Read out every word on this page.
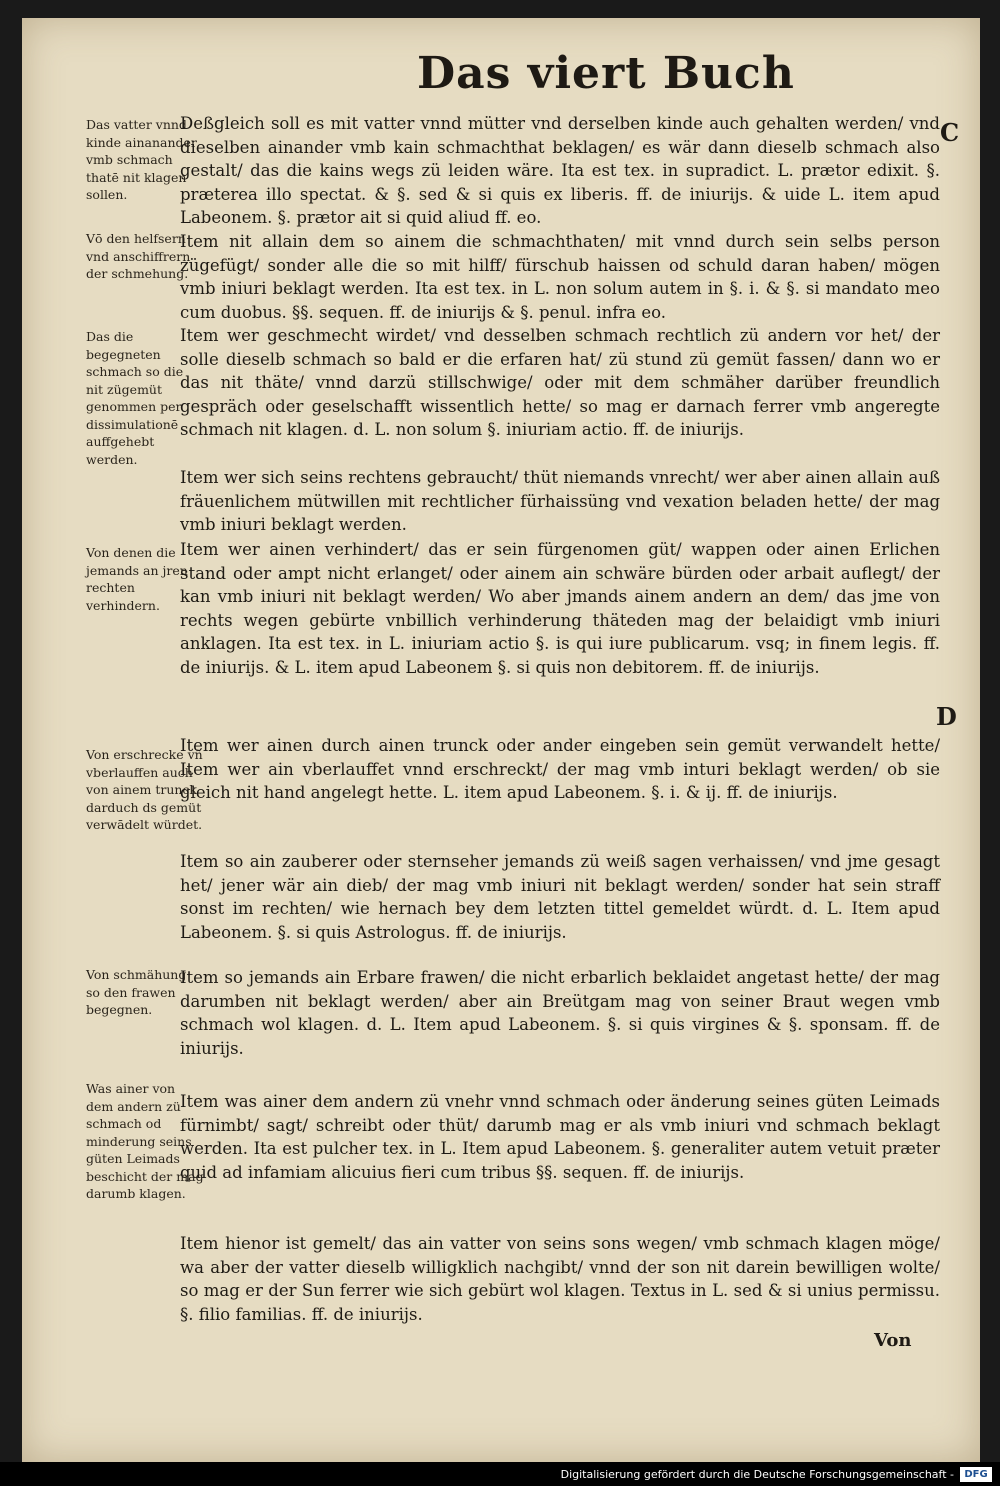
Das viert Buch
C
D
Das vatter vnnd kinde ainanander vmb schmach thatē nit klagen sollen.
Vō den helfsern vnd anschiffrern der schmehung.
Das die begegneten schmach so die nit zügemüt genommen per dissimulationē auffgehebt werden.
Von denen die jemands an jren rechten verhindern.
Von erschrecke vñ vberlauffen auch von ainem trunck darduch ds gemüt verwādelt würdet.
Von schmähung so den frawen begegnen.
Was ainer von dem andern zü schmach od minderung seins güten Leimads beschicht der mag darumb klagen.

Deßgleich soll es mit vatter vnnd mütter vnd derselben kinde auch gehalten werden/ vnd dieselben ainander vmb kain schmachthat beklagen/ es wär dann dieselb schmach also gestalt/ das die kains wegs zü leiden wäre. Ita est tex. in supradict. L. prætor edixit. §. præterea illo spectat. & §. sed & si quis ex liberis. ff. de iniurijs. & uide L. item apud Labeonem. §. prætor ait si quid aliud ff. eo.

Item nit allain dem so ainem die schmachthaten/ mit vnnd durch sein selbs person zügefügt/ sonder alle die so mit hilff/ fürschub haissen od schuld daran haben/ mögen vmb iniuri beklagt werden. Ita est tex. in L. non solum autem in §. i. & §. si mandato meo cum duobus. §§. sequen. ff. de iniurijs & §. penul. infra eo.

Item wer geschmecht wirdet/ vnd desselben schmach rechtlich zü andern vor het/ der solle dieselb schmach so bald er die erfaren hat/ zü stund zü gemüt fassen/ dann wo er das nit thäte/ vnnd darzü stillschwige/ oder mit dem schmäher darüber freundlich gespräch oder geselschafft wissentlich hette/ so mag er darnach ferrer vmb angeregte schmach nit klagen. d. L. non solum §. iniuriam actio. ff. de iniurijs.

Item wer sich seins rechtens gebraucht/ thüt niemands vnrecht/ wer aber ainen allain auß fräuenlichem mütwillen mit rechtlicher fürhaissüng vnd vexation beladen hette/ der mag vmb iniuri beklagt werden.

Item wer ainen verhindert/ das er sein fürgenomen güt/ wappen oder ainen Erlichen stand oder ampt nicht erlanget/ oder ainem ain schwäre bürden oder arbait auflegt/ der kan vmb iniuri nit beklagt werden/ Wo aber jmands ainem andern an dem/ das jme von rechts wegen gebürte vnbillich verhinderung thäteden mag der belaidigt vmb iniuri anklagen. Ita est tex. in L. iniuriam actio §. is qui iure publicarum. vsq; in finem legis. ff. de iniurijs. & L. item apud Labeonem §. si quis non debitorem. ff. de iniurijs.

Item wer ainen durch ainen trunck oder ander eingeben sein gemüt verwandelt hette/ Item wer ain vberlauffet vnnd erschreckt/ der mag vmb inturi beklagt werden/ ob sie gleich nit hand angelegt hette. L. item apud Labeonem. §. i. & ij. ff. de iniurijs.

Item so ain zauberer oder sternseher jemands zü weiß sagen verhaissen/ vnd jme gesagt het/ jener wär ain dieb/ der mag vmb iniuri nit beklagt werden/ sonder hat sein straff sonst im rechten/ wie hernach bey dem letzten tittel gemeldet würdt. d. L. Item apud Labeonem. §. si quis Astrologus. ff. de iniurijs.

Item so jemands ain Erbare frawen/ die nicht erbarlich beklaidet angetast hette/ der mag darumben nit beklagt werden/ aber ain Breütgam mag von seiner Braut wegen vmb schmach wol klagen. d. L. Item apud Labeonem. §. si quis virgines & §. sponsam. ff. de iniurijs.

Item was ainer dem andern zü vnehr vnnd schmach oder änderung seines güten Leimads fürnimbt/ sagt/ schreibt oder thüt/ darumb mag er als vmb iniuri vnd schmach beklagt werden. Ita est pulcher tex. in L. Item apud Labeonem. §. generaliter autem vetuit præter quid ad infamiam alicuius fieri cum tribus §§. sequen. ff. de iniurijs.

Item hienor ist gemelt/ das ain vatter von seins sons wegen/ vmb schmach klagen möge/ wa aber der vatter dieselb willigklich nachgibt/ vnnd der son nit darein bewilligen wolte/ so mag er der Sun ferrer wie sich gebürt wol klagen. Textus in L. sed & si unius permissu. §. filio familias. ff. de iniurijs.

Von
Digitalisierung gefördert durch die Deutsche Forschungsgemeinschaft -	DFG
